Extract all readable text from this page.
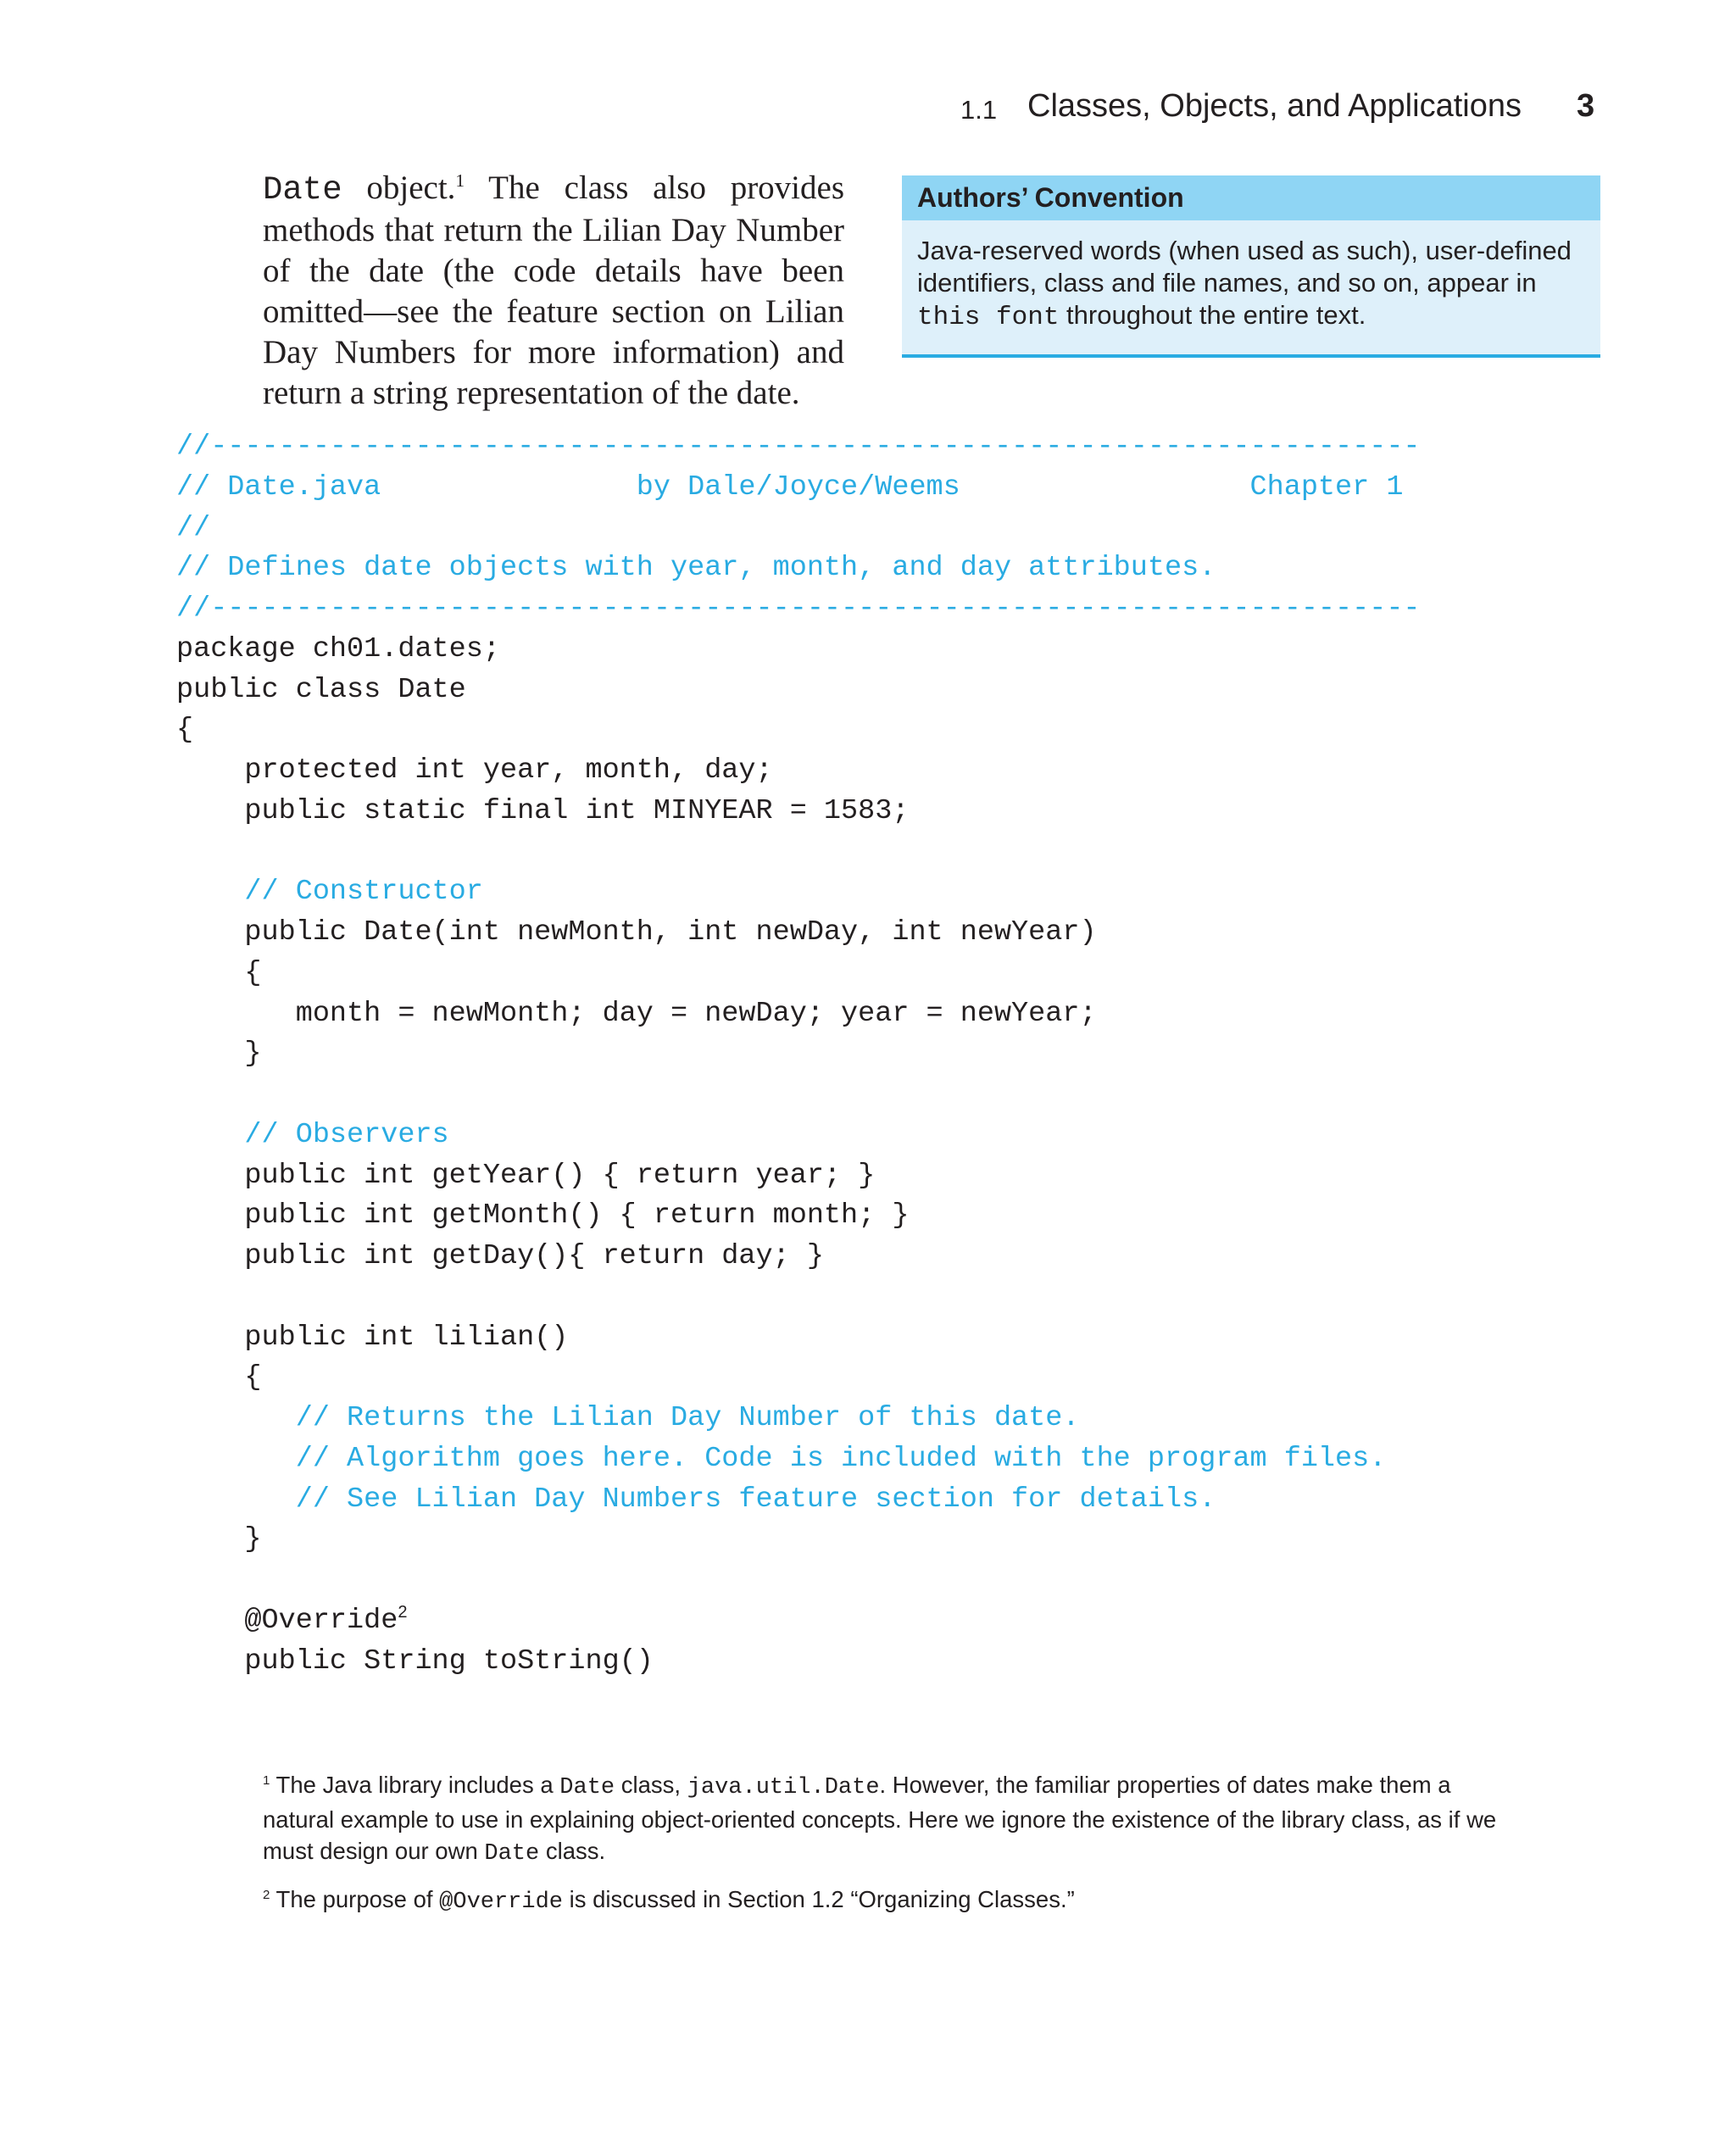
1.1 Classes, Objects, and Applications 3
Date object.$^1$ The class also provides methods that return the Lilian Day Number of the date (the code details have been omitted—see the feature section on Lilian Day Numbers for more information) and return a string representation of the date.
Authors’ Convention
Java-reserved words (when used as such), user-defined identifiers, class and file names, and so on, appear in this font throughout the entire text.
//-----------------------------------------------------------------------
// Date.java               by Dale/Joyce/Weems                 Chapter 1
//
// Defines date objects with year, month, and day attributes.
//-----------------------------------------------------------------------
package ch01.dates;
public class Date
{
protected int year, month, day;
public static final int MINYEAR = 1583;
// Constructor
public Date(int newMonth, int newDay, int newYear)
{
month = newMonth; day = newDay; year = newYear;
}
// Observers
public int getYear() { return year; }
public int getMonth() { return month; }
public int getDay(){ return day; }
public int lilian()
{
// Returns the Lilian Day Number of this date.
// Algorithm goes here. Code is included with the program files.
// See Lilian Day Numbers feature section for details.
}
@Override$^2$
public String toString()

$^1$ The Java library includes a Date class, java.util.Date. However, the familiar properties of dates make them a natural example to use in explaining object-oriented concepts. Here we ignore the existence of the library class, as if we must design our own Date class.

$^2$ The purpose of @Override is discussed in Section 1.2 “Organizing Classes.”
